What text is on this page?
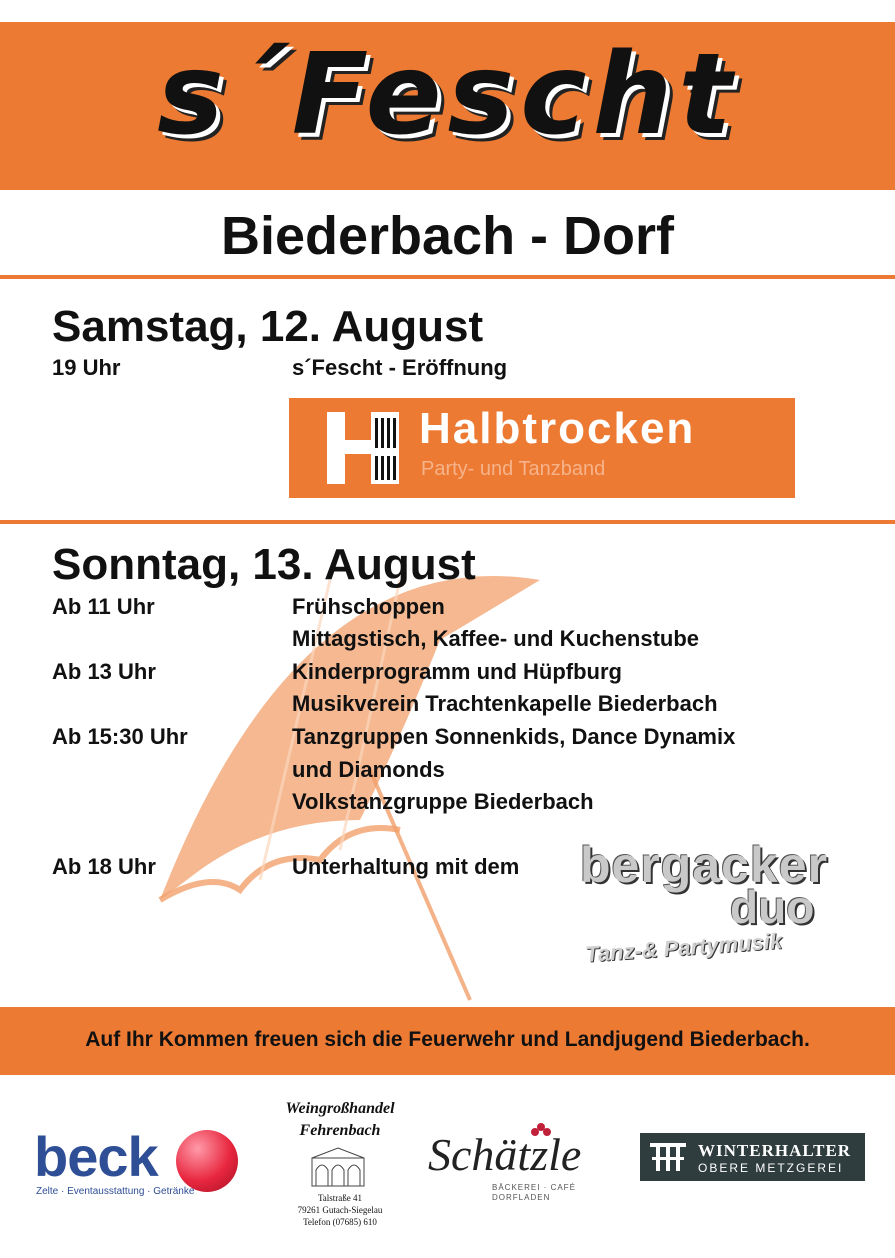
s´Fescht
Biederbach - Dorf
Samstag, 12. August
19 Uhr	s´Fescht - Eröffnung
Halbtrocken
Party- und Tanzband
Sonntag, 13. August
Ab 11 Uhr	Frühschoppen
Mittagstisch, Kaffee- und Kuchenstube
Ab 13 Uhr	Kinderprogramm und Hüpfburg
Musikverein Trachtenkapelle Biederbach
Ab 15:30 Uhr	Tanzgruppen Sonnenkids, Dance Dynamix
und Diamonds
Volkstanzgruppe Biederbach
Ab 18 Uhr	Unterhaltung mit dem bergacker
duo
Tanz-& Partymusik
Auf Ihr Kommen freuen sich die Feuerwehr und Landjugend Biederbach.
beck
Zelte · Eventausstattung · Getränke
Weingroßhandel
Fehrenbach
Talstraße 41
79261 Gutach-Siegelau
Telefon (07685) 610
Schätzle
BÄCKEREI · CAFÉ
DORFLADEN
WINTERHALTER
OBERE METZGEREI
